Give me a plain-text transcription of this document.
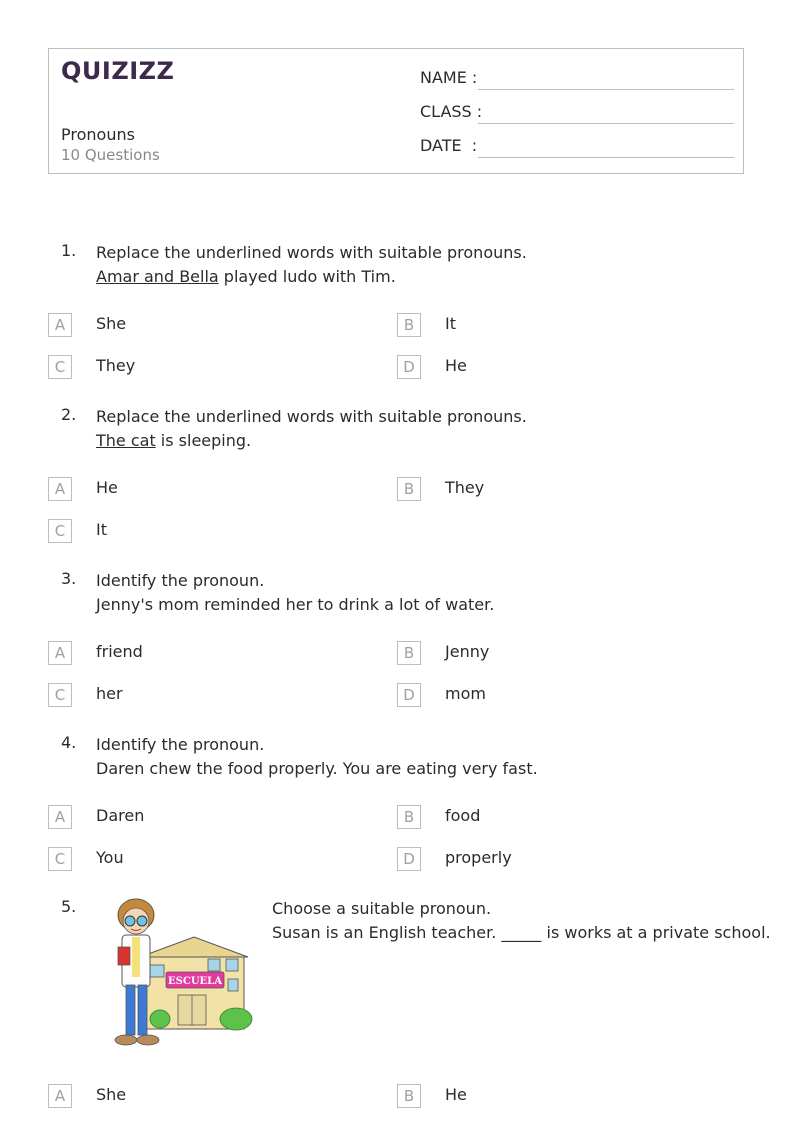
QUIZIZZ
Pronouns
10 Questions
NAME :
CLASS :
DATE  :
1. Replace the underlined words with suitable pronouns.
Amar and Bella played ludo with Tim.
A	She	B	It
C	They	D	He
2. Replace the underlined words with suitable pronouns.
The cat is sleeping.
A	He	B	They
C	It
3. Identify the pronoun.
Jenny's mom reminded her to drink a lot of water.
A	friend	B	Jenny
C	her	D	mom
4. Identify the pronoun.
Daren chew the food properly. You are eating very fast.
A	Daren	B	food
C	You	D	properly
5.	Choose a suitable pronoun.
Susan is an English teacher. _____ is works at a private school.
ESCUELA
A	She	B	He
